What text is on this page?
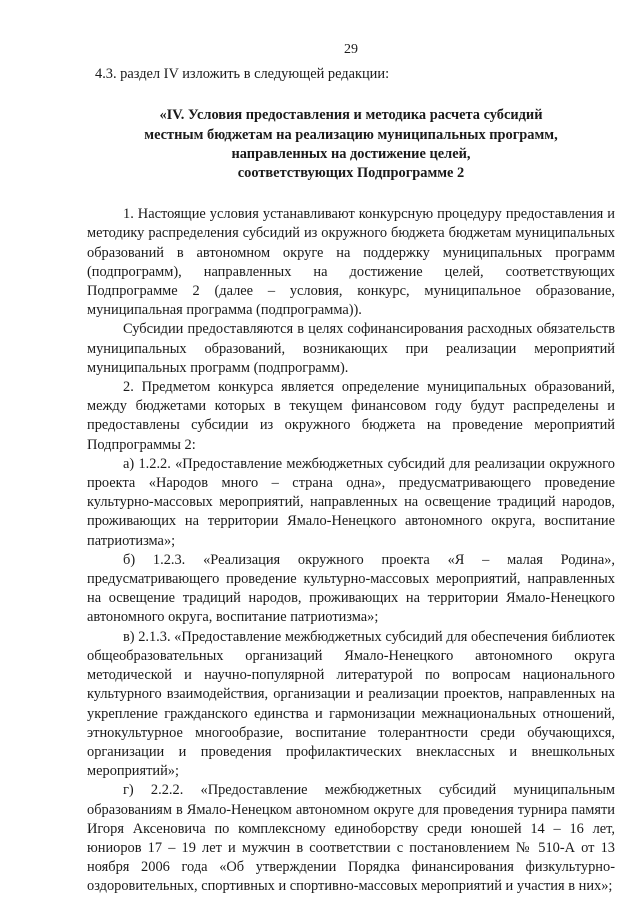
29
4.3. раздел IV изложить в следующей редакции:
«IV. Условия предоставления и методика расчета субсидий
местным бюджетам на реализацию муниципальных программ,
направленных на достижение целей,
соответствующих Подпрограмме 2

1. Настоящие условия устанавливают конкурсную процедуру предоставления и методику распределения субсидий из окружного бюджета бюджетам муниципальных образований в автономном округе на поддержку муниципальных программ (подпрограмм), направленных на достижение целей, соответствующих Подпрограмме 2 (далее – условия, конкурс, муниципальное образование, муниципальная программа (подпрограмма)).

Субсидии предоставляются в целях софинансирования расходных обязательств муниципальных образований, возникающих при реализации мероприятий муниципальных программ (подпрограмм).

2. Предметом конкурса является определение муниципальных образований, между бюджетами которых в текущем финансовом году будут распределены и предоставлены субсидии из окружного бюджета на проведение мероприятий Подпрограммы 2:

а) 1.2.2. «Предоставление межбюджетных субсидий для реализации окружного проекта «Народов много – страна одна», предусматривающего проведение культурно-массовых мероприятий, направленных на освещение традиций народов, проживающих на территории Ямало-Ненецкого автономного округа, воспитание патриотизма»;

б) 1.2.3. «Реализация окружного проекта «Я – малая Родина», предусматривающего проведение культурно-массовых мероприятий, направленных на освещение традиций народов, проживающих на территории Ямало-Ненецкого автономного округа, воспитание патриотизма»;

в) 2.1.3. «Предоставление межбюджетных субсидий для обеспечения библиотек общеобразовательных организаций Ямало-Ненецкого автономного округа методической и научно-популярной литературой по вопросам национального культурного взаимодействия, организации и реализации проектов, направленных на укрепление гражданского единства и гармонизации межнациональных отношений, этнокультурное многообразие, воспитание толерантности среди обучающихся, организации и проведения профилактических внеклассных и внешкольных мероприятий»;

г) 2.2.2. «Предоставление межбюджетных субсидий муниципальным образованиям в Ямало-Ненецком автономном округе для проведения турнира памяти Игоря Аксеновича по комплексному единоборству среди юношей 14 – 16 лет, юниоров 17 – 19 лет и мужчин в соответствии с постановлением № 510-А от 13 ноября 2006 года «Об утверждении Порядка финансирования физкультурно-оздоровительных, спортивных и спортивно-массовых мероприятий и участия в них»;
